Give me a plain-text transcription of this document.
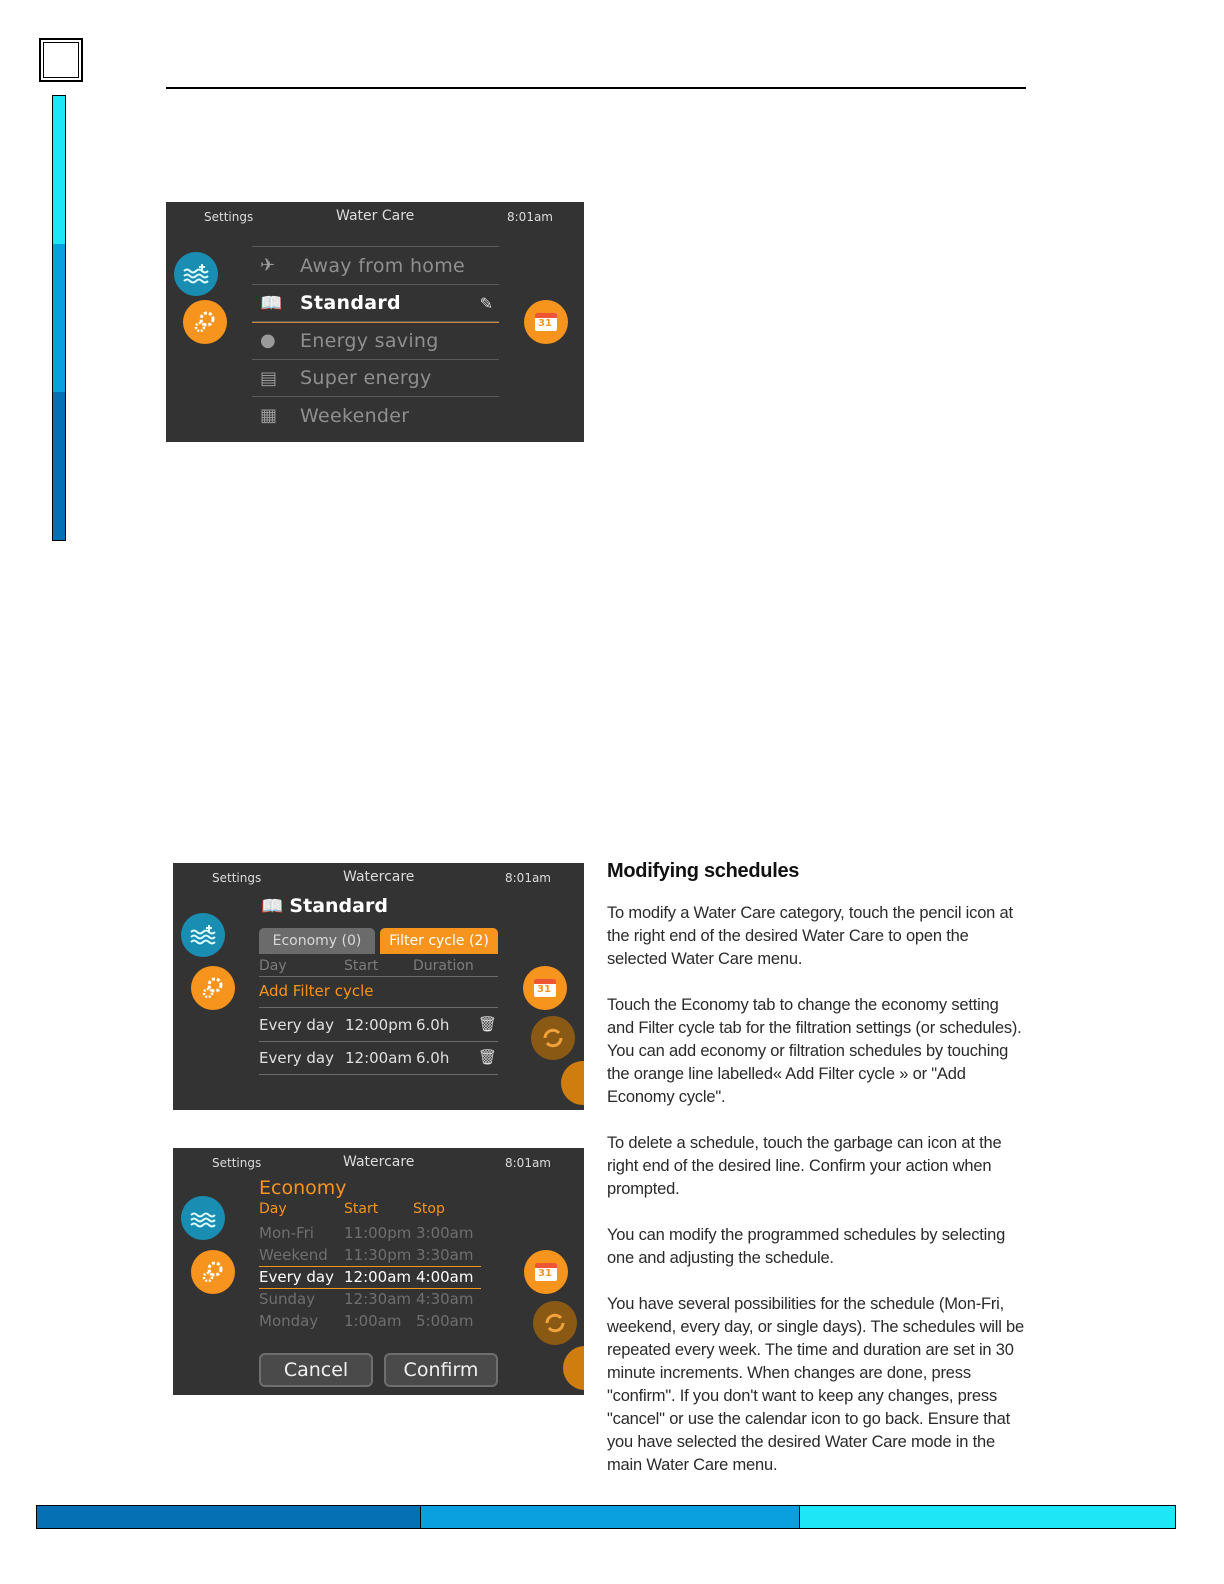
Settings	Water Care	8:01am
31
✈	Away from home
📖 Standard	✎
●	Energy saving
▤	Super energy
▦	Weekender
Settings	Watercare	8:01am
📖 Standard
Economy (0) Filter cycle (2)
Day	Start Duration
Add Filter cycle
Every day 12:00pm 6.0h 🗑
Every day 12:00am 6.0h 🗑
31
Settings	Watercare	8:01am
Economy
Day	Start Stop
Mon-Fri 11:00pm 3:00am
Weekend 11:30pm 3:30am
Every day 12:00am 4:00am
Sunday 12:30am 4:30am
Monday 1:00am 5:00am
Cancel	Confirm
31
Modifying schedules

To modify a Water Care category, touch the pencil icon at the right end of the desired Water Care to open the selected Water Care menu.

Touch the Economy tab to change the economy setting and Filter cycle tab for the filtration settings (or schedules). You can add economy or filtration schedules by touching the orange line labelled« Add Filter cycle » or "Add Economy cycle".

To delete a schedule, touch the garbage can icon at the right end of the desired line. Confirm your action when prompted.

You can modify the programmed schedules by selecting one and adjusting the schedule.

You have several possibilities for the schedule (Mon-Fri, weekend, every day, or single days). The schedules will be repeated every week. The time and duration are set in 30 minute increments. When changes are done, press "confirm". If you don't want to keep any changes, press "cancel" or use the calendar icon to go back. Ensure that you have selected the desired Water Care mode in the main Water Care menu.
